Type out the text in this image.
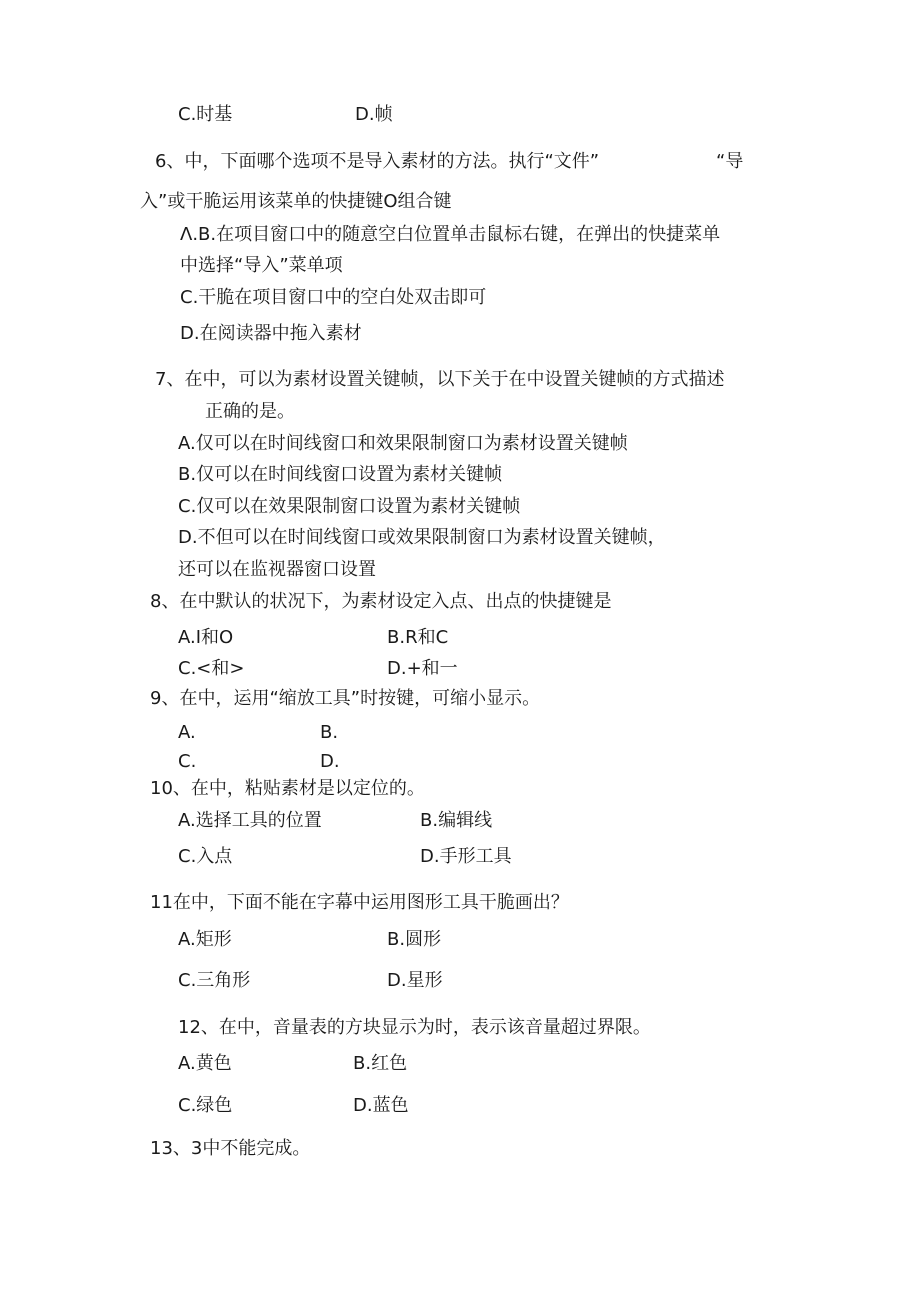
C.时基	D.帧
6、中，下面哪个选项不是导入素材的方法。执行“文件”	“导
入”或干脆运用该菜单的快捷键O组合键
Λ.B.在项目窗口中的随意空白位置单击鼠标右键，在弹出的快捷菜单
中选择“导入”菜单项
C.干脆在项目窗口中的空白处双击即可
D.在阅读器中拖入素材
7、在中，可以为素材设置关键帧，以下关于在中设置关键帧的方式描述
正确的是。
A.仅可以在时间线窗口和效果限制窗口为素材设置关键帧
B.仅可以在时间线窗口设置为素材关键帧
C.仅可以在效果限制窗口设置为素材关键帧
D.不但可以在时间线窗口或效果限制窗口为素材设置关键帧，
还可以在监视器窗口设置
8、在中默认的状况下，为素材设定入点、出点的快捷键是
A.I和O	B.R和C
C.<和>	D.+和一
9、在中，运用“缩放工具”时按键，可缩小显示。
A.	B.
C.	D.
10、在中，粘贴素材是以定位的。
A.选择工具的位置	B.编辑线
C.入点	D.手形工具
11在中，下面不能在字幕中运用图形工具干脆画出？
A.矩形	B.圆形
C.三角形	D.星形
12、在中，音量表的方块显示为时，表示该音量超过界限。
A.黄色	B.红色
C.绿色	D.蓝色
13、3中不能完成。
